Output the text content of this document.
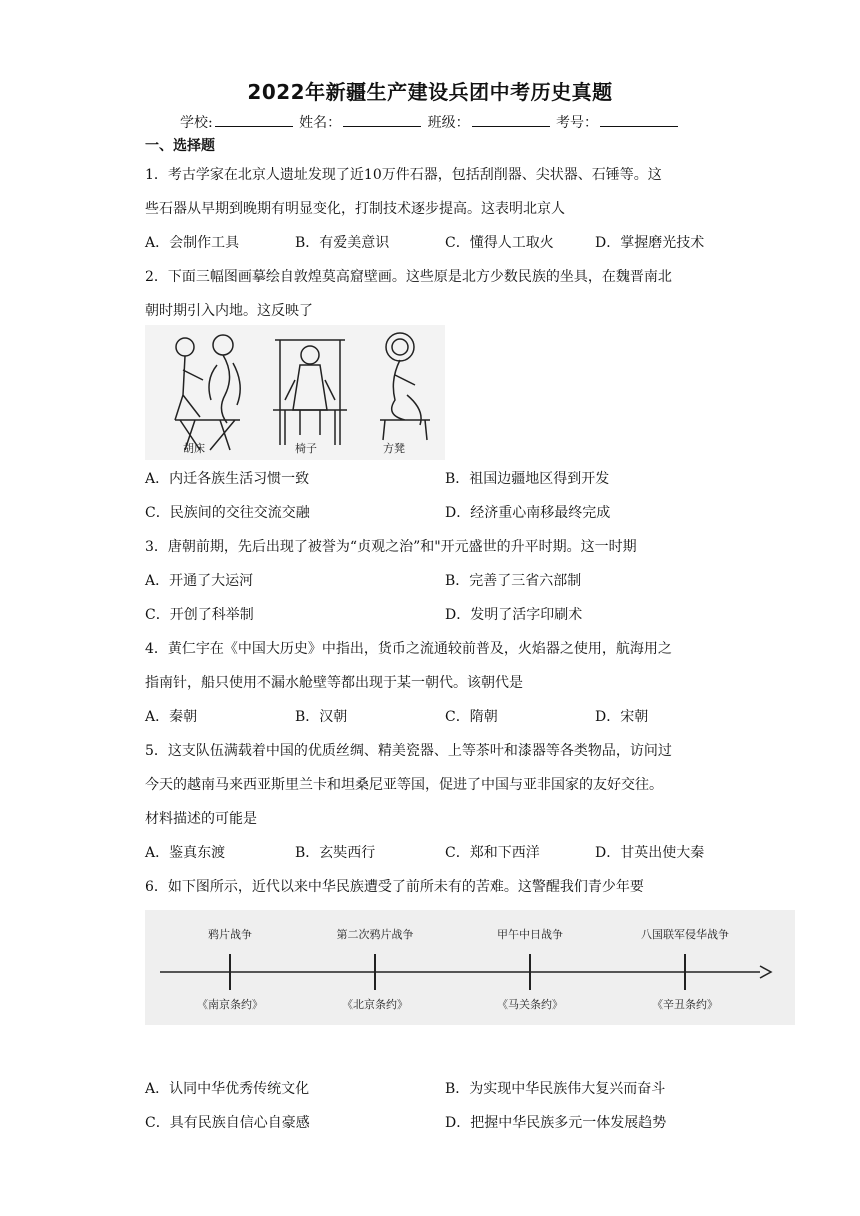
2022年新疆生产建设兵团中考历史真题
学校:	姓名：	班级：	考号：
一、选择题
1．考古学家在北京人遗址发现了近10万件石器，包括刮削器、尖状器、石锤等。这
些石器从早期到晚期有明显变化，打制技术逐步提高。这表明北京人
A．会制作工具	B．有爱美意识	C．懂得人工取火	D．掌握磨光技术
2．下面三幅图画摹绘自敦煌莫高窟壁画。这些原是北方少数民族的坐具，在魏晋南北
朝时期引入内地。这反映了
胡床	椅子	方凳
A．内迁各族生活习惯一致	B．祖国边疆地区得到开发
C．民族间的交往交流交融	D．经济重心南移最终完成
3．唐朝前期，先后出现了被誉为“贞观之治”和"开元盛世的升平时期。这一时期
A．开通了大运河	B．完善了三省六部制
C．开创了科举制	D．发明了活字印刷术
4．黄仁宇在《中国大历史》中指出，货币之流通较前普及，火焰器之使用，航海用之
指南针，船只使用不漏水舱壁等都出现于某一朝代。该朝代是
A．秦朝	B．汉朝	C．隋朝	D．宋朝
5．这支队伍满载着中国的优质丝绸、精美瓷器、上等茶叶和漆器等各类物品，访问过
今天的越南马来西亚斯里兰卡和坦桑尼亚等国，促进了中国与亚非国家的友好交往。
材料描述的可能是
A．鉴真东渡	B．玄奘西行	C．郑和下西洋	D．甘英出使大秦
6．如下图所示，近代以来中华民族遭受了前所未有的苦难。这警醒我们青少年要
鸦片战争	第二次鸦片战争	甲午中日战争	八国联军侵华战争
《南京条约》	《北京条约》	《马关条约》	《辛丑条约》
A．认同中华优秀传统文化	B．为实现中华民族伟大复兴而奋斗
C．具有民族自信心自豪感	D．把握中华民族多元一体发展趋势
